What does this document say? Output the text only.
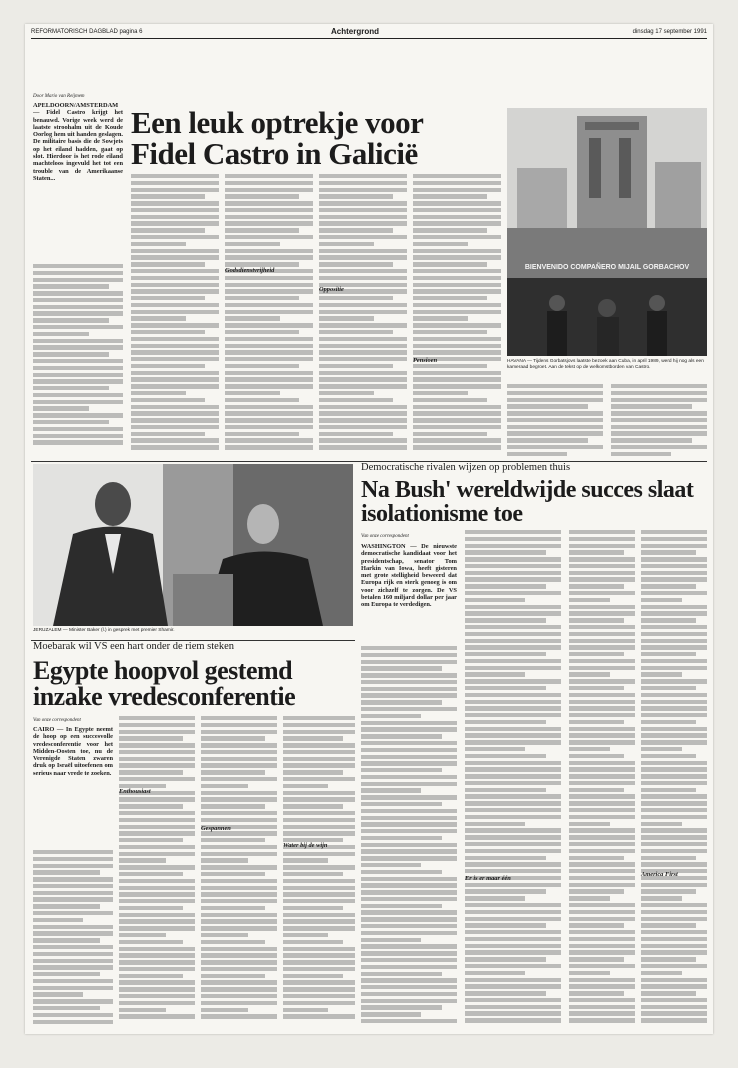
REFORMATORISCH DAGBLAD pagina 6	Achtergrond	dinsdag 17 september 1991
Door Mario van Reijmem
APELDOORN/AMSTERDAM — Fidel Castro krijgt het benauwd. Vorige week werd de laatste stroohalm uit de Koude Oorlog hem uit handen geslagen. De militaire basis die de Sowjets op het eiland hadden, gaat op slot. Hierdoor is het rode eiland machteloos ingevuld het tot een trouble van de Amerikaanse Staten...
Een leuk optrekje voor Fidel Castro in Galicië
Godsdienstvrijheid
Oppositie
Pensioen
BIENVENIDO COMPAÑERO MIJAIL GORBACHOV
HAVANA — Tijdens Gorbatsjovs laatste bezoek aan Cuba, in april 1989, werd hij nog als een kameraad begroet. Aan de tekst op de welkomstborden van Castro.
Democratische rivalen wijzen op problemen thuis
Na Bush' wereldwijde succes slaat isolationisme toe
Van onze correspondent
WASHINGTON — De nieuwste democratische kandidaat voor het presidentschap, senator Tom Harkin van Iowa, heeft gisteren met grote stelligheid beweerd dat Europa rijk en sterk genoeg is om voor zichzelf te zorgen. De VS betalen 160 miljard dollar per jaar om Europa te verdedigen.
Er is er maar één
America First
JERUZALEM — Minister Baker (l.) in gesprek met premier Shamir.
Moebarak wil VS een hart onder de riem steken
Egypte hoopvol gestemd inzake vredesconferentie
Van onze correspondent
CAIRO — In Egypte neemt de hoop op een succesvolle vredesconferentie voor het Midden-Oosten toe, nu de Verenigde Staten zwaren druk op Israël uitoefenen om serieus naar vrede te zoeken.
Enthousiast
Gespannen
Water bij de wijn
